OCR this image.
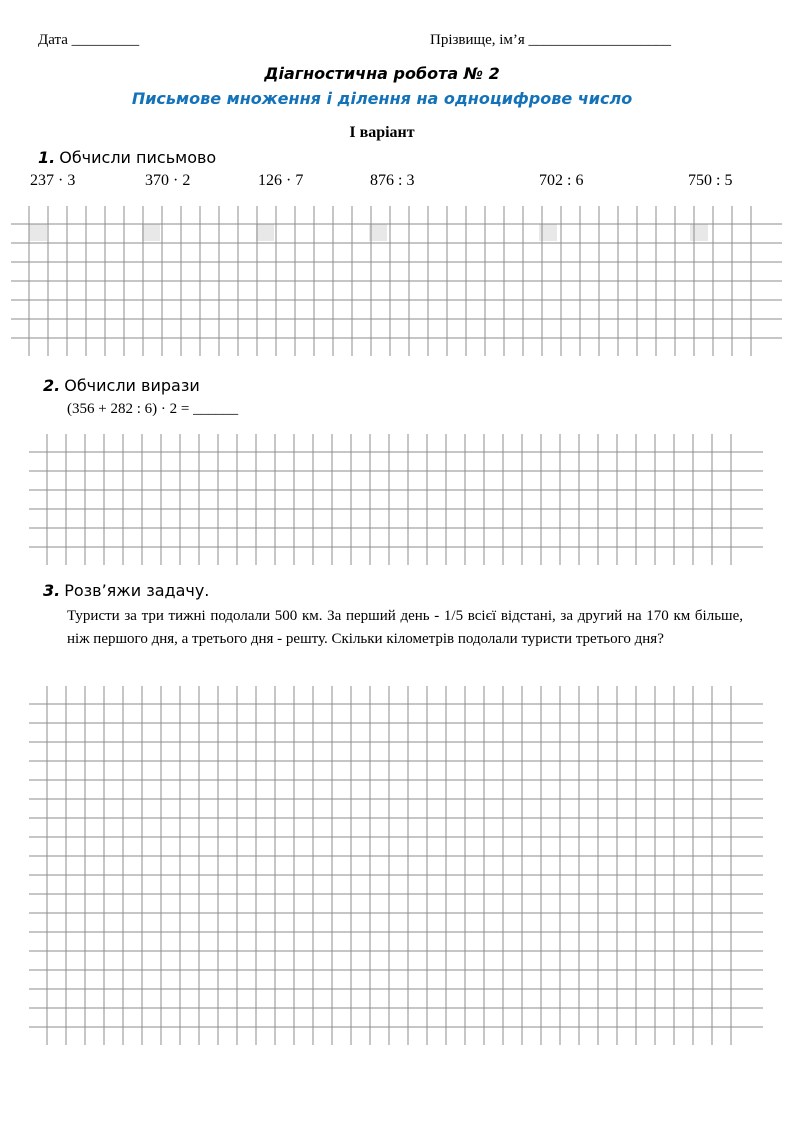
Дата _________	Прізвище, ім’я ___________________
Діагностична робота № 2
Письмове множення і ділення на одноцифрове число
І варіант
1. Обчисли письмово
237 · 3	370 · 2	126 · 7	876 : 3	702 : 6	750 : 5
2. Обчисли вирази
(356 + 282 : 6) · 2 = ______
3. Розв’яжи задачу.
Туристи за три тижні подолали 500 км. За перший день - 1/5 всієї відстані, за другий на 170 км більше, ніж першого дня, а третього дня - решту. Скільки кілометрів подолали туристи третього дня?
